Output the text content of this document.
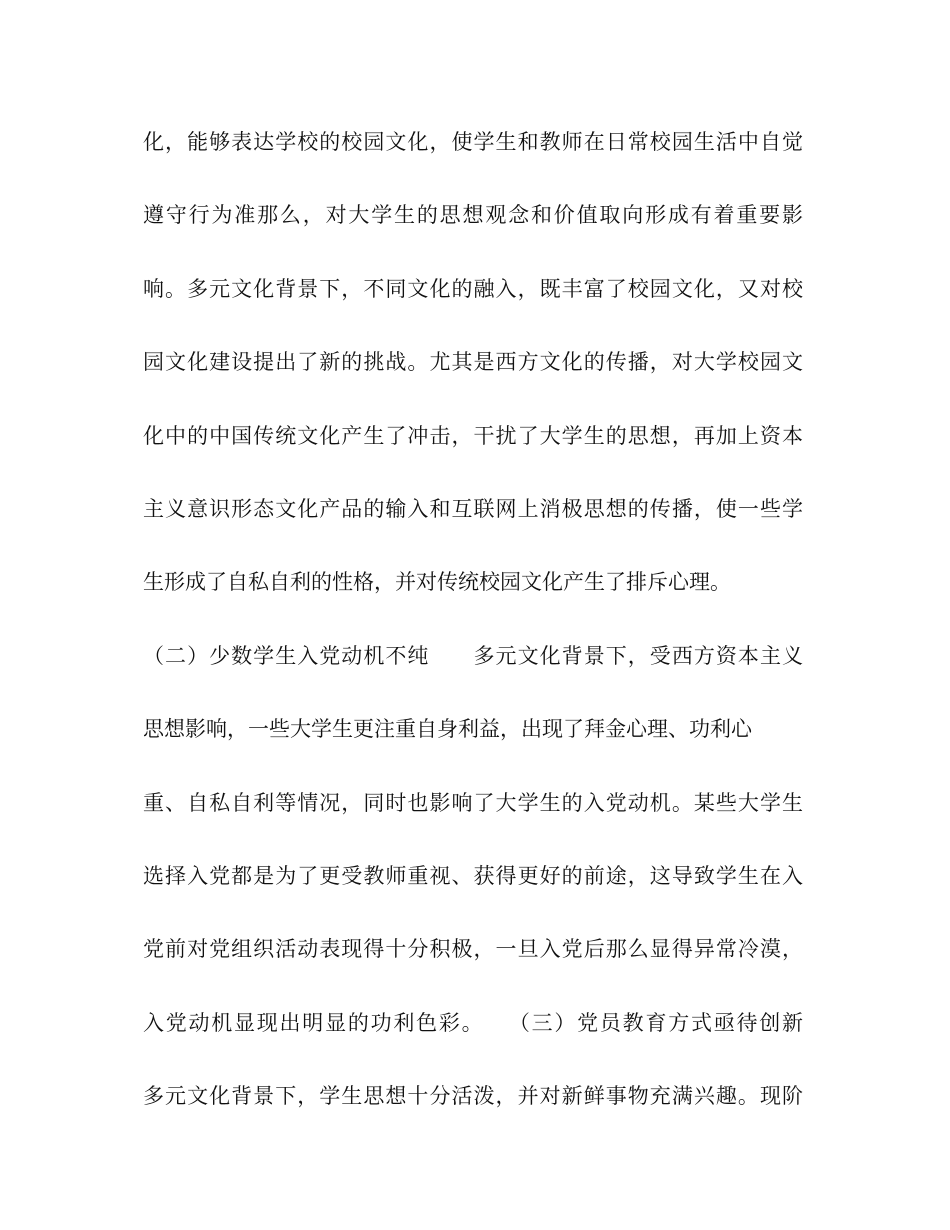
化，能够表达学校的校园文化，使学生和教师在日常校园生活中自觉
遵守行为准那么，对大学生的思想观念和价值取向形成有着重要影
响。多元文化背景下，不同文化的融入，既丰富了校园文化，又对校
园文化建设提出了新的挑战。尤其是西方文化的传播，对大学校园文
化中的中国传统文化产生了冲击，干扰了大学生的思想，再加上资本
主义意识形态文化产品的输入和互联网上消极思想的传播，使一些学
生形成了自私自利的性格，并对传统校园文化产生了排斥心理。
（二）少数学生入党动机不纯　　多元文化背景下，受西方资本主义
思想影响，一些大学生更注重自身利益，出现了拜金心理、功利心
重、自私自利等情况，同时也影响了大学生的入党动机。某些大学生
选择入党都是为了更受教师重视、获得更好的前途，这导致学生在入
党前对党组织活动表现得十分积极，一旦入党后那么显得异常冷漠，
入党动机显现出明显的功利色彩。　　（三）党员教育方式亟待创新
多元文化背景下，学生思想十分活泼，并对新鲜事物充满兴趣。现阶
